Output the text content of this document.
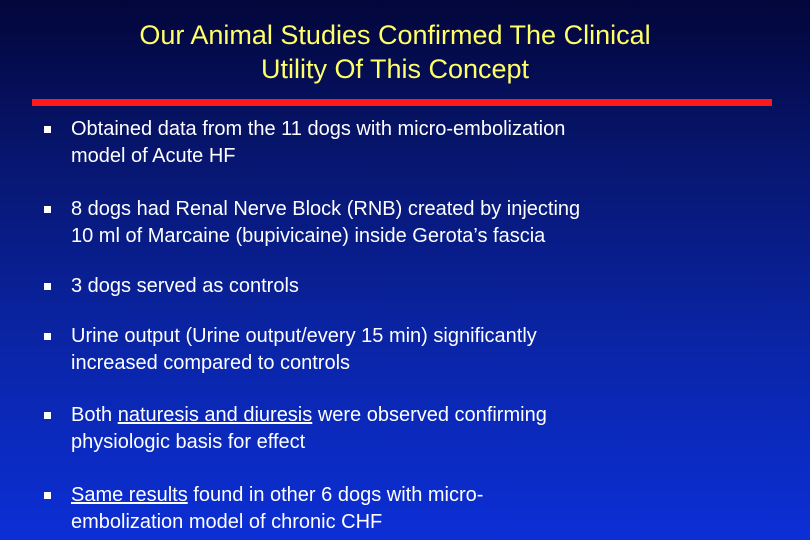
Our Animal Studies Confirmed The Clinical
Utility Of This Concept
Obtained data from the 11 dogs with micro-embolization
model of Acute HF
8 dogs had Renal Nerve Block (RNB) created by injecting
10 ml of Marcaine (bupivicaine) inside Gerota’s fascia
3 dogs served as controls
Urine output (Urine output/every 15 min) significantly
increased compared to controls
Both naturesis and diuresis were observed confirming
physiologic basis for effect
Same results found in other 6 dogs with micro-
embolization model of chronic CHF
